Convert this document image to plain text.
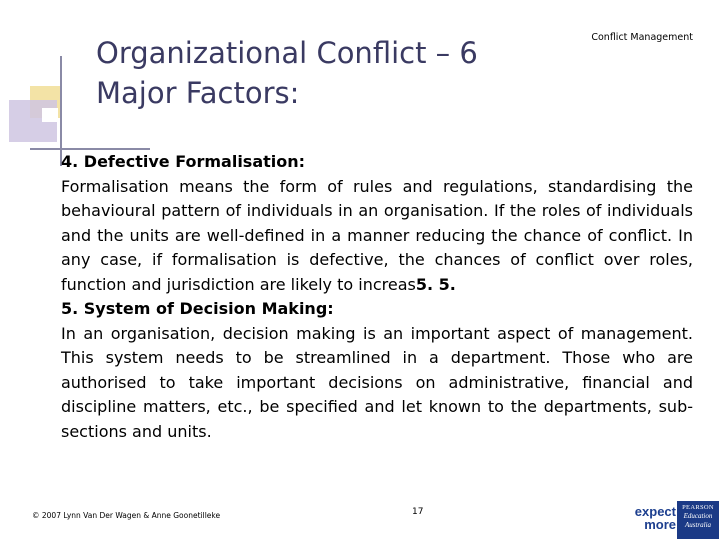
Organizational Conflict – 6
Major Factors:
Conflict Management
4. Defective Formalisation:
Formalisation means the form of rules and regulations, standardising the behavioural pattern of individuals in an organisation. If the roles of individuals and the units are well-defined in a manner reducing the chance of conflict. In any case, if formalisation is defective, the chances of conflict over roles, function and jurisdiction are likely to increas5. 5.
5. System of Decision Making:
In an organisation, decision making is an important aspect of management. This system needs to be streamlined in a department. Those who are authorised to take important decisions on administrative, financial and discipline matters, etc., be specified and let known to the departments, sub-sections and units.
© 2007 Lynn Van Der Wagen & Anne Goonetilleke	17	expect
more
PEARSON
Education
Australia
